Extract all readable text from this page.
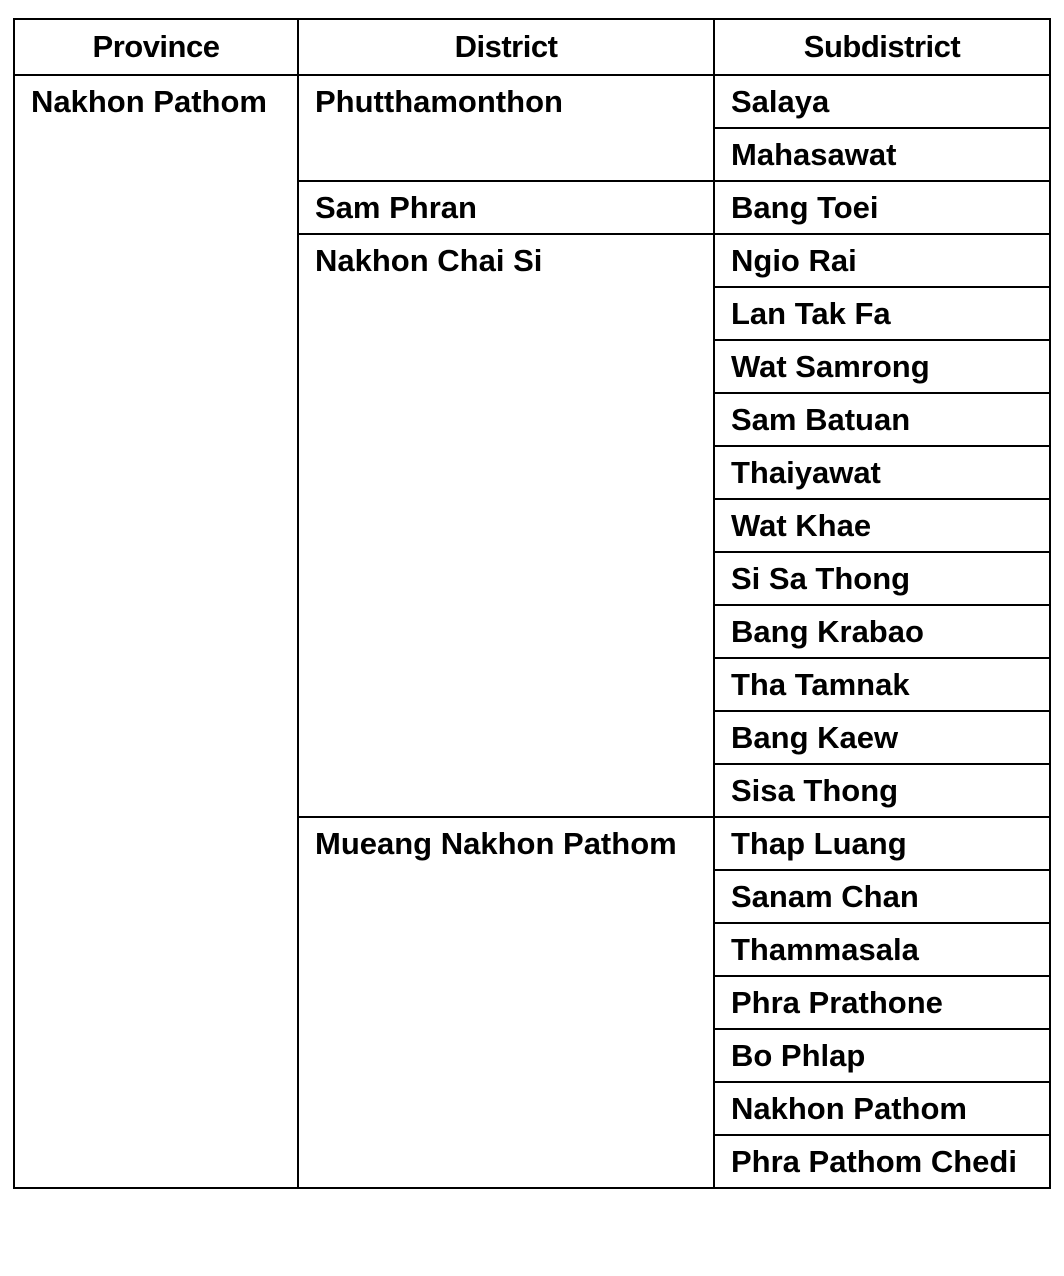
Province	District	Subdistrict
Nakhon Pathom	Phutthamonthon	Salaya
		Mahasawat
	Sam Phran	Bang Toei
	Nakhon Chai Si	Ngio Rai
		Lan Tak Fa
		Wat Samrong
		Sam Batuan
		Thaiyawat
		Wat Khae
		Si Sa Thong
		Bang Krabao
		Tha Tamnak
		Bang Kaew
		Sisa Thong
	Mueang Nakhon Pathom	Thap Luang
		Sanam Chan
		Thammasala
		Phra Prathone
		Bo Phlap
		Nakhon Pathom
		Phra Pathom Chedi
